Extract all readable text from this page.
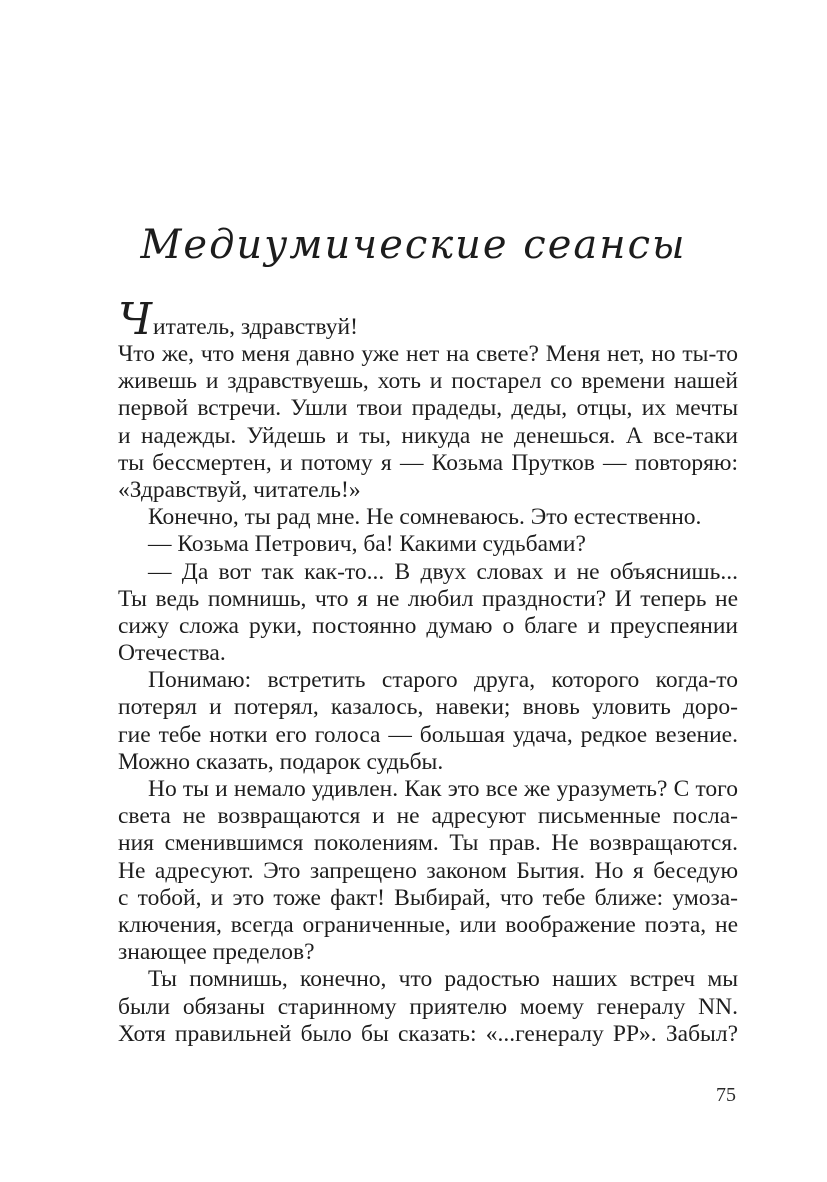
Медиумические сеансы
Читатель, здравствуй!
Что же, что меня давно уже нет на свете? Меня нет, но ты-то
живешь и здравствуешь, хоть и постарел со времени нашей
первой встречи. Ушли твои прадеды, деды, отцы, их мечты
и надежды. Уйдешь и ты, никуда не денешься. А все-таки
ты бессмертен, и потому я — Козьма Прутков — повторяю:
«Здравствуй, читатель!»
Конечно, ты рад мне. Не сомневаюсь. Это естественно.
— Козьма Петрович, ба! Какими судьбами?
— Да вот так как-то... В двух словах и не объяснишь...
Ты ведь помнишь, что я не любил праздности? И теперь не
сижу сложа руки, постоянно думаю о благе и преуспеянии
Отечества.
Понимаю: встретить старого друга, которого когда-то
потерял и потерял, казалось, навеки; вновь уловить доро-
гие тебе нотки его голоса — большая удача, редкое везение.
Можно сказать, подарок судьбы.
Но ты и немало удивлен. Как это все же уразуметь? С того
света не возвращаются и не адресуют письменные посла-
ния сменившимся поколениям. Ты прав. Не возвращаются.
Не адресуют. Это запрещено законом Бытия. Но я беседую
с тобой, и это тоже факт! Выбирай, что тебе ближе: умоза-
ключения, всегда ограниченные, или воображение поэта, не
знающее пределов?
Ты помнишь, конечно, что радостью наших встреч мы
были обязаны старинному приятелю моему генералу NN.
Хотя правильней было бы сказать: «...генералу PP». Забыл?
75
